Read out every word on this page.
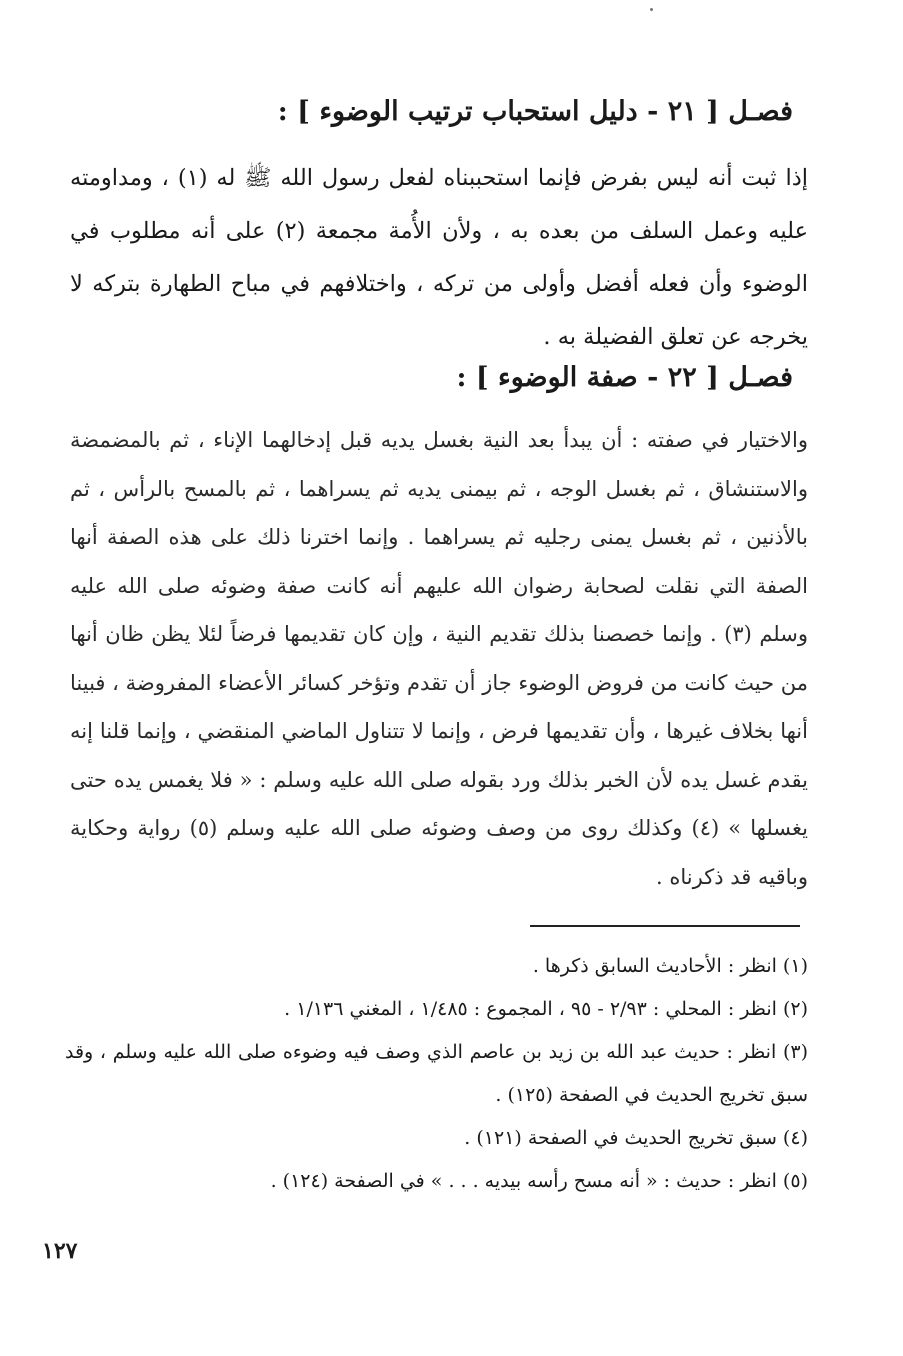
فصـل [ ٢١ - دليل استحباب ترتيب الوضوء ] :
إذا ثبت أنه ليس بفرض فإنما استحببناه لفعل رسول الله ﷺ له (١) ، ومداومته عليه وعمل السلف من بعده به ، ولأن الأُمة مجمعة (٢) على أنه مطلوب في الوضوء وأن فعله أفضل وأولى من تركه ، واختلافهم في مباح الطهارة بتركه لا يخرجه عن تعلق الفضيلة به .
فصـل [ ٢٢ - صفة الوضوء ] :
والاختيار في صفته : أن يبدأ بعد النية بغسل يديه قبل إدخالهما الإناء ، ثم بالمضمضة والاستنشاق ، ثم بغسل الوجه ، ثم بيمنى يديه ثم يسراهما ، ثم بالمسح بالرأس ، ثم بالأذنين ، ثم بغسل يمنى رجليه ثم يسراهما . وإنما اخترنا ذلك على هذه الصفة أنها الصفة التي نقلت لصحابة رضوان الله عليهم أنه كانت صفة وضوئه صلى الله عليه وسلم (٣) . وإنما خصصنا بذلك تقديم النية ، وإن كان تقديمها فرضاً لئلا يظن ظان أنها من حيث كانت من فروض الوضوء جاز أن تقدم وتؤخر كسائر الأعضاء المفروضة ، فبينا أنها بخلاف غيرها ، وأن تقديمها فرض ، وإنما لا تتناول الماضي المنقضي ، وإنما قلنا إنه يقدم غسل يده لأن الخبر بذلك ورد بقوله صلى الله عليه وسلم : « فلا يغمس يده حتى يغسلها » (٤) وكذلك روى من وصف وضوئه صلى الله عليه وسلم (٥) رواية وحكاية وباقيه قد ذكرناه .
(١) انظر : الأحاديث السابق ذكرها .
(٢) انظر : المحلي : ٢/٩٣ - ٩٥ ، المجموع : ١/٤٨٥ ، المغني ١/١٣٦ .
(٣) انظر : حديث عبد الله بن زيد بن عاصم الذي وصف فيه وضوءه صلى الله عليه وسلم ، وقد سبق تخريج الحديث في الصفحة (١٢٥) .
(٤) سبق تخريج الحديث في الصفحة (١٢١) .
(٥) انظر : حديث : « أنه مسح رأسه بيديه . . . » في الصفحة (١٢٤) .
١٢٧
